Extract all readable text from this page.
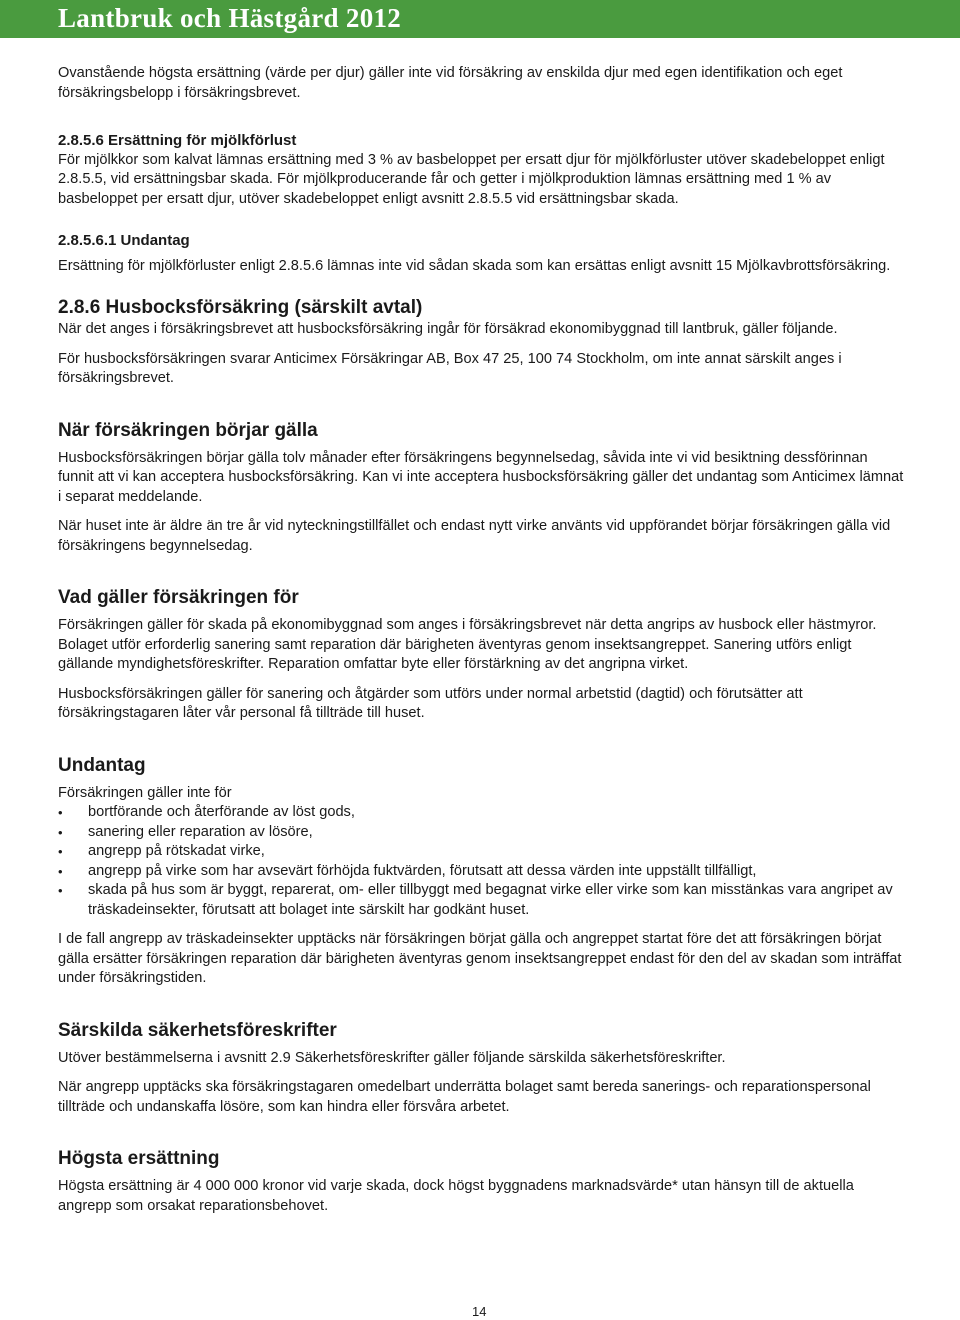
Lantbruk och Hästgård 2012

Ovanstående högsta ersättning (värde per djur) gäller inte vid försäkring av enskilda djur med egen identifikation och eget försäkringsbelopp i försäkringsbrevet.

2.8.5.6 Ersättning för mjölkförlust

För mjölkkor som kalvat lämnas ersättning med 3 % av basbeloppet per ersatt djur för mjölkförluster utöver skadebeloppet enligt 2.8.5.5, vid ersättningsbar skada. För mjölkproducerande får och getter i mjölkproduktion lämnas ersättning med 1 % av basbeloppet per ersatt djur, utöver skadebeloppet enligt avsnitt 2.8.5.5 vid ersättningsbar skada.

2.8.5.6.1 Undantag

Ersättning för mjölkförluster enligt 2.8.5.6 lämnas inte vid sådan skada som kan ersättas enligt avsnitt 15 Mjölkavbrottsförsäkring.

2.8.6 Husbocksförsäkring (särskilt avtal)

När det anges i försäkringsbrevet att husbocksförsäkring ingår för försäkrad ekonomibyggnad till lantbruk, gäller följande.

För husbocksförsäkringen svarar Anticimex Försäkringar AB, Box 47 25, 100 74 Stockholm, om inte annat särskilt anges i försäkringsbrevet.

När försäkringen börjar gälla

Husbocksförsäkringen börjar gälla tolv månader efter försäkringens begynnelsedag, såvida inte vi vid besiktning dessförinnan funnit att vi kan acceptera husbocksförsäkring. Kan vi inte acceptera husbocksförsäkring gäller det undantag som Anticimex lämnat i separat meddelande.

När huset inte är äldre än tre år vid nyteckningstillfället och endast nytt virke använts vid uppförandet börjar försäkringen gälla vid försäkringens begynnelsedag.

Vad gäller försäkringen för

Försäkringen gäller för skada på ekonomibyggnad som anges i försäkringsbrevet när detta angrips av husbock eller hästmyror. Bolaget utför erforderlig sanering samt reparation där bärigheten äventyras genom insektsangreppet. Sanering utförs enligt gällande myndighetsföreskrifter. Reparation omfattar byte eller förstärkning av det angripna virket.

Husbocksförsäkringen gäller för sanering och åtgärder som utförs under normal arbetstid (dagtid) och förutsätter att försäkringstagaren låter vår personal få tillträde till huset.

Undantag

Försäkringen gäller inte för

• bortförande och återförande av löst gods,
• sanering eller reparation av lösöre,
• angrepp på rötskadat virke,
• angrepp på virke som har avsevärt förhöjda fuktvärden, förutsatt att dessa värden inte uppställt tillfälligt,
• skada på hus som är byggt, reparerat, om- eller tillbyggt med begagnat virke eller virke som kan misstänkas vara angripet av träskadeinsekter, förutsatt att bolaget inte särskilt har godkänt huset.

I de fall angrepp av träskadeinsekter upptäcks när försäkringen börjat gälla och angreppet startat före det att försäkringen börjat gälla ersätter försäkringen reparation där bärigheten äventyras genom insektsangreppet endast för den del av skadan som inträffat under försäkringstiden.

Särskilda säkerhetsföreskrifter

Utöver bestämmelserna i avsnitt 2.9 Säkerhetsföreskrifter gäller följande särskilda säkerhetsföreskrifter.

När angrepp upptäcks ska försäkringstagaren omedelbart underrätta bolaget samt bereda sanerings- och reparationspersonal tillträde och undanskaffa lösöre, som kan hindra eller försvåra arbetet.

Högsta ersättning

Högsta ersättning är 4 000 000 kronor vid varje skada, dock högst byggnadens marknadsvärde* utan hänsyn till de aktuella angrepp som orsakat reparationsbehovet.

14
